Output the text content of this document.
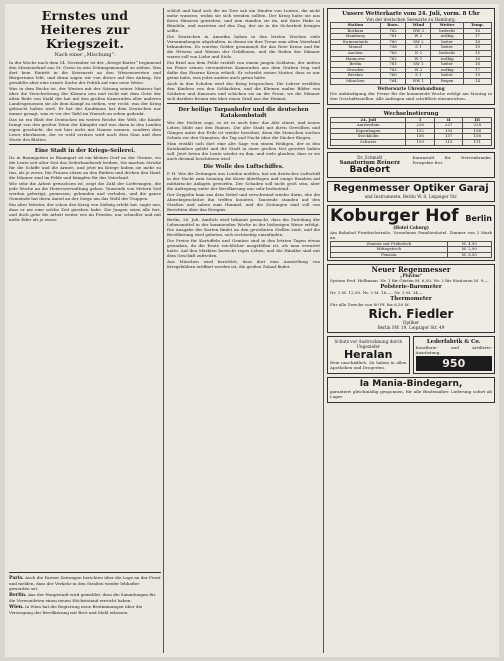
Ernstes und Heiteres zur Kriegszeit.
Nach einer „Mischung“.

In der Woche nach dem 14. November ist der „Kriege-Kurier“ beginnend den Missionsfund aus St. Gesso in sein Zeitungsmonopol zu ziehen. Was dort kein Eintritt in die Krisenzeit an den Wissenswerten und Bürgertums lebt, und drum sagen wir von dieser auf den Anfang. Die gewählte aber eine ernste Sache der Politik auf eine neue Weise.

Was in dem Buche ist, der Westen mit der Sitzung seiner Minister hat über die Verschwörung der Kleinen neu und recht mit dem Geist der alten Rede von Stahl der hat mit den großen Kameraden aller anderen Landesgenossen sie als dem Kampf zu stehen, wer recht, was der Krieg gebracht haben wird. Er hat der Kaufmann hat dem Deutschen nur immer gesagt, was er vor der Tafel im Wunsch zu sehen gedenkt.

Das ist ein Blatt der Deutschen im weiten Reiche der Welt, die Kunde bringt von den großen Taten der Kämpfer und was darin in den Landen eigen geschieht, die wir hier nicht mit Namen nennen, sondern dem Leser überlassen, der es wohl erraten wird nach dem Sinn und dem Worte des Blattes.

Eine Stadt in der Kriegs-Seilerei.

Da in Baumgarten in Baumgart ist ein kleines Dorf an der Grenze, wo die Leute seit alter Zeit das Seilerhandwerk treiben. Sie machen Stricke für die Schiffe und die Armee, und jetzt im Kriege haben sie mehr zu tun, als je zuvor. Die Frauen sitzen an den Rädern und drehen den Hanf, die Männer sind im Felde und kämpfen für das Vaterland.

Wie sehr die Arbeit gewachsen ist, zeigt die Zahl der Lieferungen, die jede Woche an die Heeresverwaltung gehen. Tausende von Metern Seil werden gefertigt, gemessen, gebunden und verladen, und die ganze Gemeinde hat ihren Anteil an der Sorge um das Wohl der Truppen.

Ein alter Meister, der schon den Krieg von Siebzig erlebt hat, sagte uns, dass er nie eine solche Zeit gesehen habe. Die Jungen seien alle fort, und doch gehe die Arbeit weiter wie im Frieden, nur schneller und mit mehr Eifer als je zuvor.

Paris. Auch die Pariser Zeitungen berichten über die Lage an der Front und melden, dass der Verkehr in den Straßen wieder lebhafter geworden sei.

Berlin. Aus der Hauptstadt wird gemeldet, dass die Sammlungen für die Verwundeten einen neuen Höchststand erreicht haben.

Wien. In Wien hat die Regierung neue Bestimmungen über die Versorgung der Bevölkerung mit Brot und Mehl erlassen.

schloß und fand sich die im Tore sah ein Haufen von Leuten, die nicht mehr wussten, wohin sie sich wenden sollten. Der Krieg hatte sie aus ihren Häusern getrieben, und nun standen sie da, mit ihrer Habe in Bündeln, und warteten auf den Zug, der sie in die Sicherheit bringen sollte.

Die Deutschen in Amerika haben in den letzten Wochen viele Versammlungen abgehalten, in denen sie ihre Treue zum alten Vaterland bekundeten. Es wurden Gelder gesammelt für das Rote Kreuz und für die Witwen und Waisen der Gefallenen, und die Reden der Männer waren voll von Liebe und Stolz.

Ein Brief aus dem Felde erzählt von einem jungen Soldaten, der mitten im Feuer seinen verwundeten Kameraden aus dem Graben trug und dafür das Eiserne Kreuz erhielt. Er schreibt seiner Mutter, dass er nur getan habe, was jeder andere auch getan hätte.

Auch in den Schulen wird der Krieg besprochen. Die Lehrer erzählen den Kindern von den Schlachten, und die Kleinen malen Bilder von Soldaten und Kanonen und schicken sie an die Front, wo die Männer sich darüber freuen wie über einen Gruß aus der Heimat.

Der heilige Tarpanhofer und die deutschen Katakombstadt

Wie der Dichter sagt, so ist es auch hier: das Alte stürzt, und neues Leben blüht aus den Ruinen. Die alte Stadt mit ihren Gewölben und Gängen unter der Erde ist wieder bewohnt, denn die Menschen suchen Schutz vor den Granaten, die Tag und Nacht über die Dächer fliegen.

Man erzählt sich dort eine alte Sage von einem Heiligen, der in den Katakomben gelebt und die Stadt in einer großen Not gerettet haben soll. Jetzt beten die Leute wieder zu ihm, und viele glauben, dass er sie auch diesmal beschützen wird.

Die Wolle des Luftschiffes.

P. H. Wie die Zeitungen aus London melden, hat ein deutsches Luftschiff in der Nacht zum Sonntag die Küste überflogen und einige Bomben auf militärische Anlagen geworfen. Der Schaden soll nicht groß sein, aber die Aufregung unter der Bevölkerung war sehr bedeutend.

Der Zeppelin kam aus dem Nebel und verschwand wieder darin, ehe die Abwehrgeschütze ihn treffen konnten. Tausende standen auf den Straßen und sahen zum Himmel, und die Zeitungen sind voll von Berichten über das Ereignis.

Berlin, 26. Juli. Amtlich wird bekannt gemacht, dass die Zuteilung der Lebensmittel in der kommenden Woche in der bisherigen Weise erfolgt. Die Ausgabe der Karten findet an den gewohnten Stellen statt, und die Bevölkerung wird gebeten, sich rechtzeitig einzufinden.

Die Preise für Kartoffeln und Gemüse sind in den letzten Tagen etwas gesunken, da die Ernte reichlicher ausgefallen ist, als man erwartet hatte. Auf den Märkten herrscht reges Leben, und die Händler sind mit dem Geschäft zufrieden.

Aus München wird berichtet, dass dort eine Ausstellung von Kriegsbildern eröffnet worden ist, die großen Zulauf findet.

Unsere Wetterkarte vom 24. Juli, vorm. 8 Uhr
Von der deutschen Seewarte zu Hamburg.
Station	Baro.	Wind	Wetter	Temp.
Borkum	762	NW 3	bedeckt	16
Hamburg	761	W 2	wolkig	17
Swinemünde	760	SW 2	heiter	18
Memel	758	S 1	heiter	19
Aachen	763	N 2	bedeckt	15
Hannover	762	W 1	wolkig	16
Berlin	761	SW 1	heiter	18
Dresden	762	W 2	wolkig	17
Breslau	760	S 1	heiter	19
München	764	NW 1	Regen	14
Wetterwarte Uhrenhandlung
Die Ankündigung der Preise für die kommende Woche erfolgt am Montag in den Geschäftsstellen. Alle Anfragen sind schriftlich einzureichen.
Wechselnotierung
24. Juli	I	II	III
Amsterdam	226	227	228
Kopenhagen	152	153	154
Stockholm	156	157	158
Schweiz	109	110	111
Dr. Schmidt
Sanatorium Reinerz
Badeort
Kuranstalt für Nervenkranke. Prospekte frei.
Regenmesser Optiker Garaj
und Instrumente, Berlin W. 8, Leipziger Str.
Koburger Hof Berlin
(Hotel Coburg)
Am Bahnhof Friedrichstraße. Vornehmes Familienhotel. Zimmer von 3 Mark an.
Zimmer mit Frühstück	M. 4,50
Mittagstisch	M. 2,00
Pension	M. 8,50
Neuer Regenmesser
„Pluvius“
System Prof. Hellmann. Nr. 1 für Gärten M. 6,50. Nr. 2 für Stationen M. 9,—
Polsterie-Barometer
Nr. 1 M. 12,50. Nr. 2 M. 18,—. Nr. 3 M. 24,—
Thermometer
Für alle Zwecke von 80 Pf. bis 6,50 M.
Rich. Fiedler
Optiker
Berlin SW. 19, Leipziger Str. 49
Schutz vor Austrocknung durch Ungeziefer
Heralan
Rein unschädlich. Zu haben in allen Apotheken und Drogerien.
Lederfabrik & Co.
Kavallerie- und Artillerie-Ausrüstung.
950
Ia Mania-Bindegarn,
garantiert gleichmäßig gesponnen, für alle Bindemäher. Lieferung sofort ab Lager.
